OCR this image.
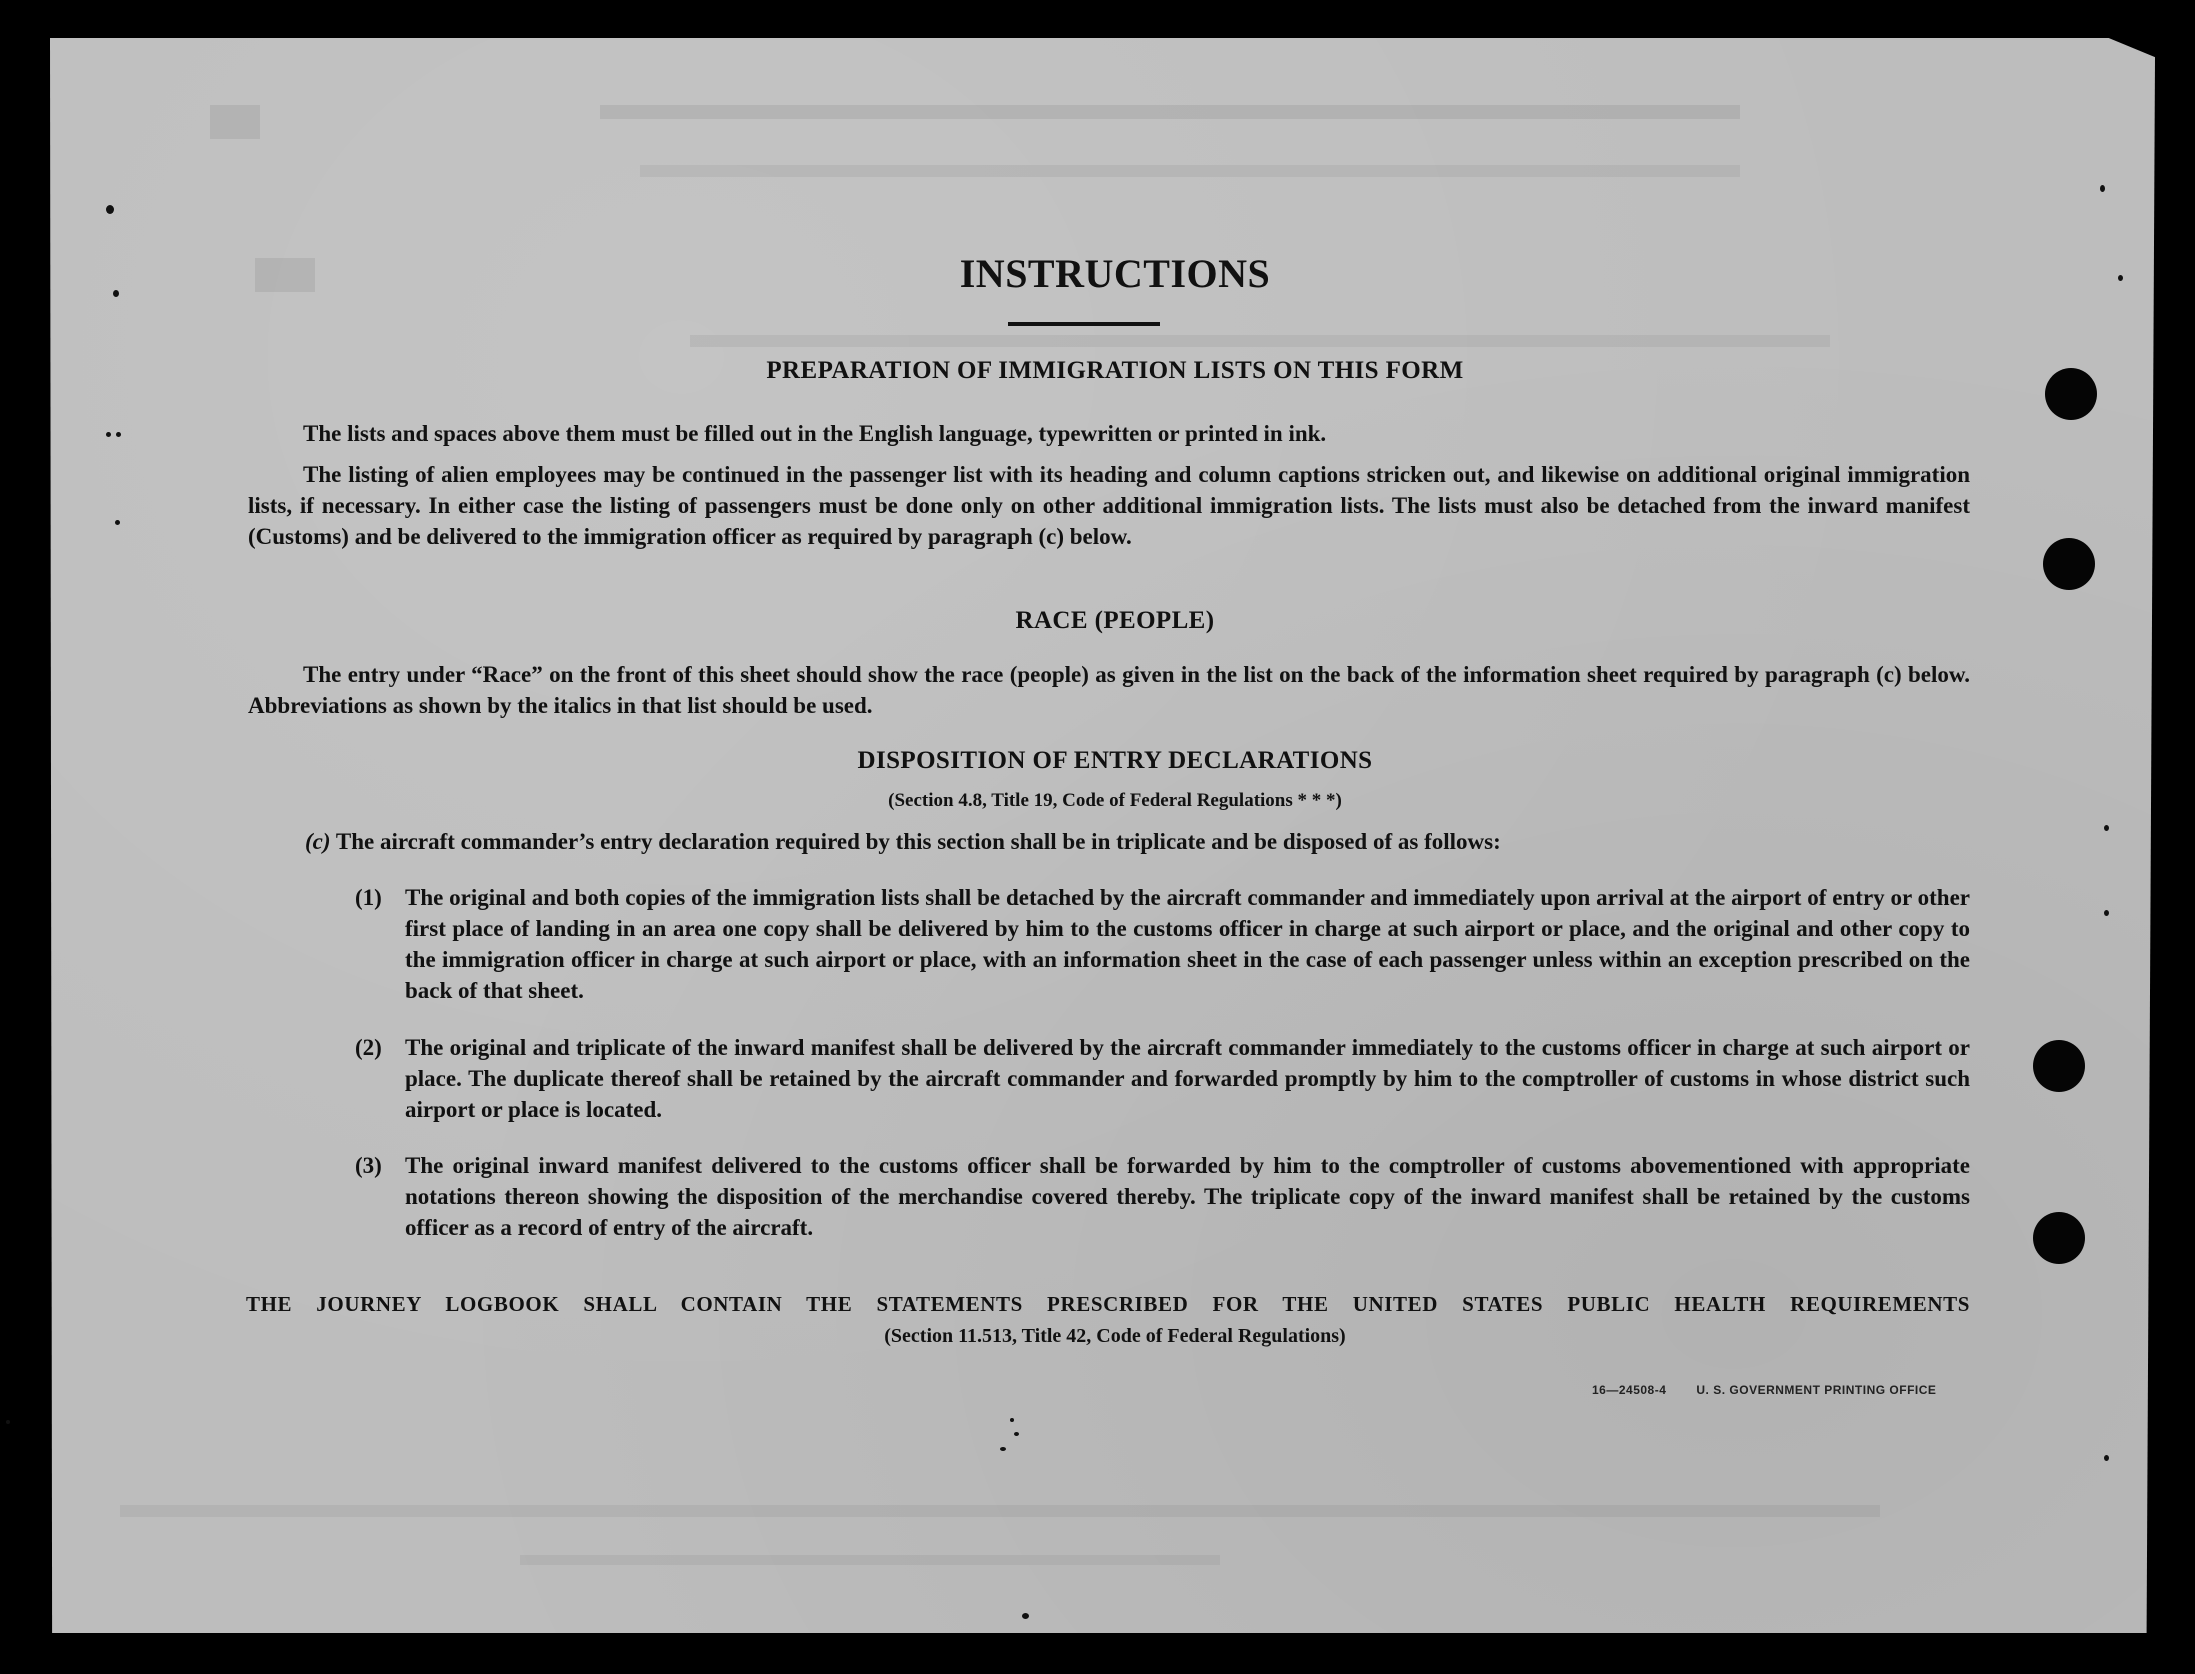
INSTRUCTIONS
PREPARATION OF IMMIGRATION LISTS ON THIS FORM
The lists and spaces above them must be filled out in the English language, typewritten or printed in ink.
The listing of alien employees may be continued in the passenger list with its heading and column captions stricken out, and likewise on additional original immigration lists, if necessary. In either case the listing of passengers must be done only on other additional immigration lists. The lists must also be detached from the inward manifest (Customs) and be delivered to the immigration officer as required by paragraph (c) below.
RACE (PEOPLE)
The entry under “Race” on the front of this sheet should show the race (people) as given in the list on the back of the information sheet required by paragraph (c) below. Abbreviations as shown by the italics in that list should be used.
DISPOSITION OF ENTRY DECLARATIONS
(Section 4.8, Title 19, Code of Federal Regulations * * *)
(c) The aircraft commander’s entry declaration required by this section shall be in triplicate and be disposed of as follows:
(1) The original and both copies of the immigration lists shall be detached by the aircraft commander and immediately upon arrival at the airport of entry or other first place of landing in an area one copy shall be delivered by him to the customs officer in charge at such airport or place, and the original and other copy to the immigration officer in charge at such airport or place, with an information sheet in the case of each passenger unless within an exception prescribed on the back of that sheet.
(2) The original and triplicate of the inward manifest shall be delivered by the aircraft commander immediately to the customs officer in charge at such airport or place. The duplicate thereof shall be retained by the aircraft commander and forwarded promptly by him to the comptroller of customs in whose district such airport or place is located.
(3) The original inward manifest delivered to the customs officer shall be forwarded by him to the comptroller of customs abovementioned with appropriate notations thereon showing the disposition of the merchandise covered thereby. The triplicate copy of the inward manifest shall be retained by the customs officer as a record of entry of the aircraft.
THE JOURNEY LOGBOOK SHALL CONTAIN THE STATEMENTS PRESCRIBED FOR THE UNITED STATES PUBLIC HEALTH REQUIREMENTS
(Section 11.513, Title 42, Code of Federal Regulations)
16—24508-4	U. S. GOVERNMENT PRINTING OFFICE
